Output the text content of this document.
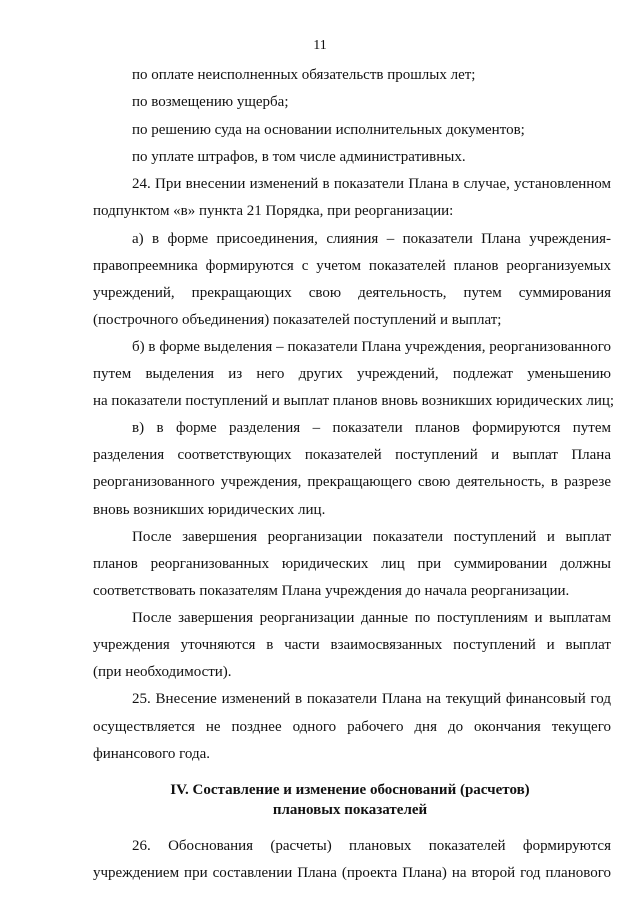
11
по оплате неисполненных обязательств прошлых лет;
по возмещению ущерба;
по решению суда на основании исполнительных документов;
по уплате штрафов, в том числе административных.
24. При внесении изменений в показатели Плана в случае, установленном
подпунктом «в» пункта 21 Порядка, при реорганизации:
а) в форме присоединения, слияния – показатели Плана учреждения-
правопреемника формируются с учетом показателей планов реорганизуемых
учреждений, прекращающих свою деятельность, путем суммирования
(построчного объединения) показателей поступлений и выплат;
б) в форме выделения – показатели Плана учреждения, реорганизованного
путем выделения из него других учреждений, подлежат уменьшению
на показатели поступлений и выплат планов вновь возникших юридических лиц;
в) в форме разделения – показатели планов формируются путем
разделения соответствующих показателей поступлений и выплат Плана
реорганизованного учреждения, прекращающего свою деятельность, в разрезе
вновь возникших юридических лиц.
После завершения реорганизации показатели поступлений и выплат
планов реорганизованных юридических лиц при суммировании должны
соответствовать показателям Плана учреждения до начала реорганизации.
После завершения реорганизации данные по поступлениям и выплатам
учреждения уточняются в части взаимосвязанных поступлений и выплат
(при необходимости).
25. Внесение изменений в показатели Плана на текущий финансовый год
осуществляется не позднее одного рабочего дня до окончания текущего
финансового года.
IV. Составление и изменение обоснований (расчетов)
плановых показателей
26. Обоснования (расчеты) плановых показателей формируются
учреждением при составлении Плана (проекта Плана) на второй год планового
